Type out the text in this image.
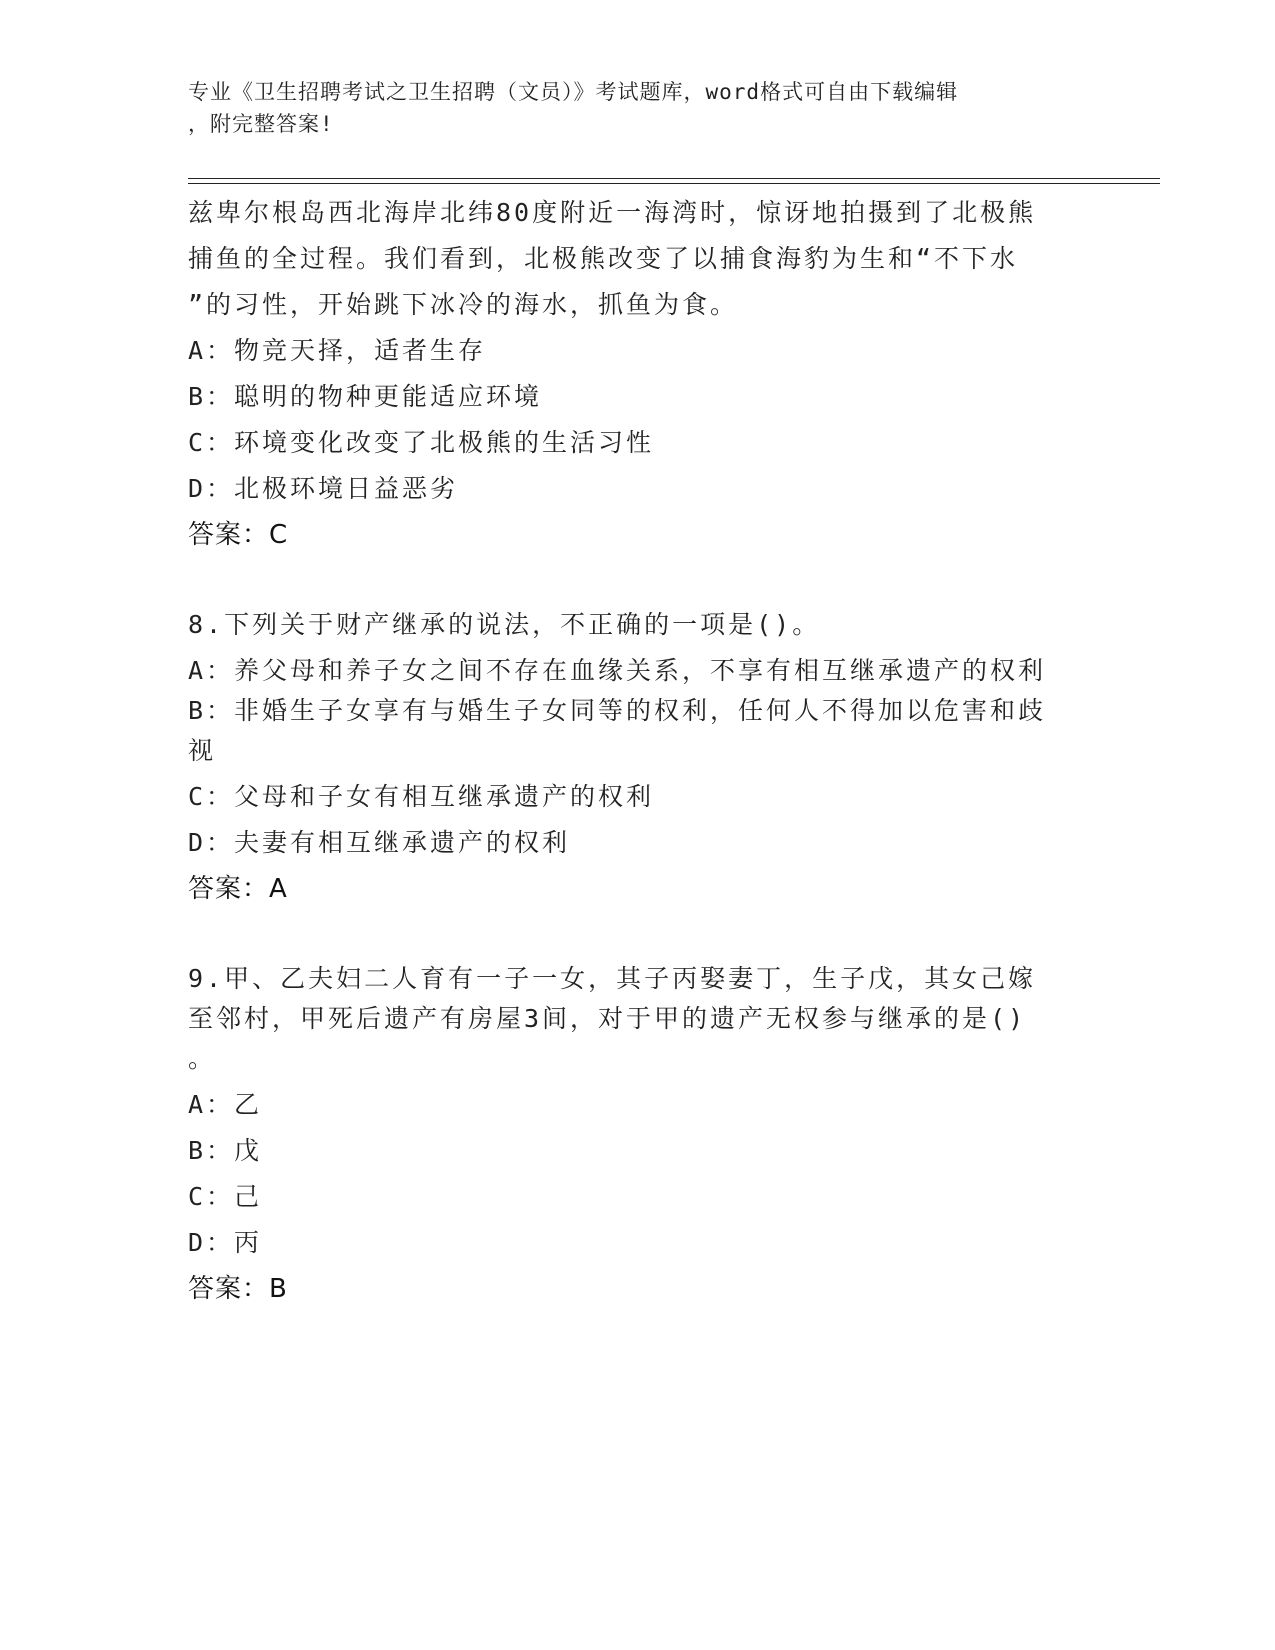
专业《卫生招聘考试之卫生招聘（文员）》考试题库，word格式可自由下载编辑
，附完整答案!
兹卑尔根岛西北海岸北纬80度附近一海湾时，惊讶地拍摄到了北极熊
捕鱼的全过程。我们看到，北极熊改变了以捕食海豹为生和“不下水
”的习性，开始跳下冰冷的海水，抓鱼为食。
A：物竞天择，适者生存
B：聪明的物种更能适应环境
C：环境变化改变了北极熊的生活习性
D：北极环境日益恶劣
答案：C
8.下列关于财产继承的说法，不正确的一项是()。
A：养父母和养子女之间不存在血缘关系，不享有相互继承遗产的权利
B：非婚生子女享有与婚生子女同等的权利，任何人不得加以危害和歧
视
C：父母和子女有相互继承遗产的权利
D：夫妻有相互继承遗产的权利
答案：A
9.甲、乙夫妇二人育有一子一女，其子丙娶妻丁，生子戊，其女己嫁
至邻村，甲死后遗产有房屋3间，对于甲的遗产无权参与继承的是()
。
A：乙
B：戊
C：己
D：丙
答案：B
